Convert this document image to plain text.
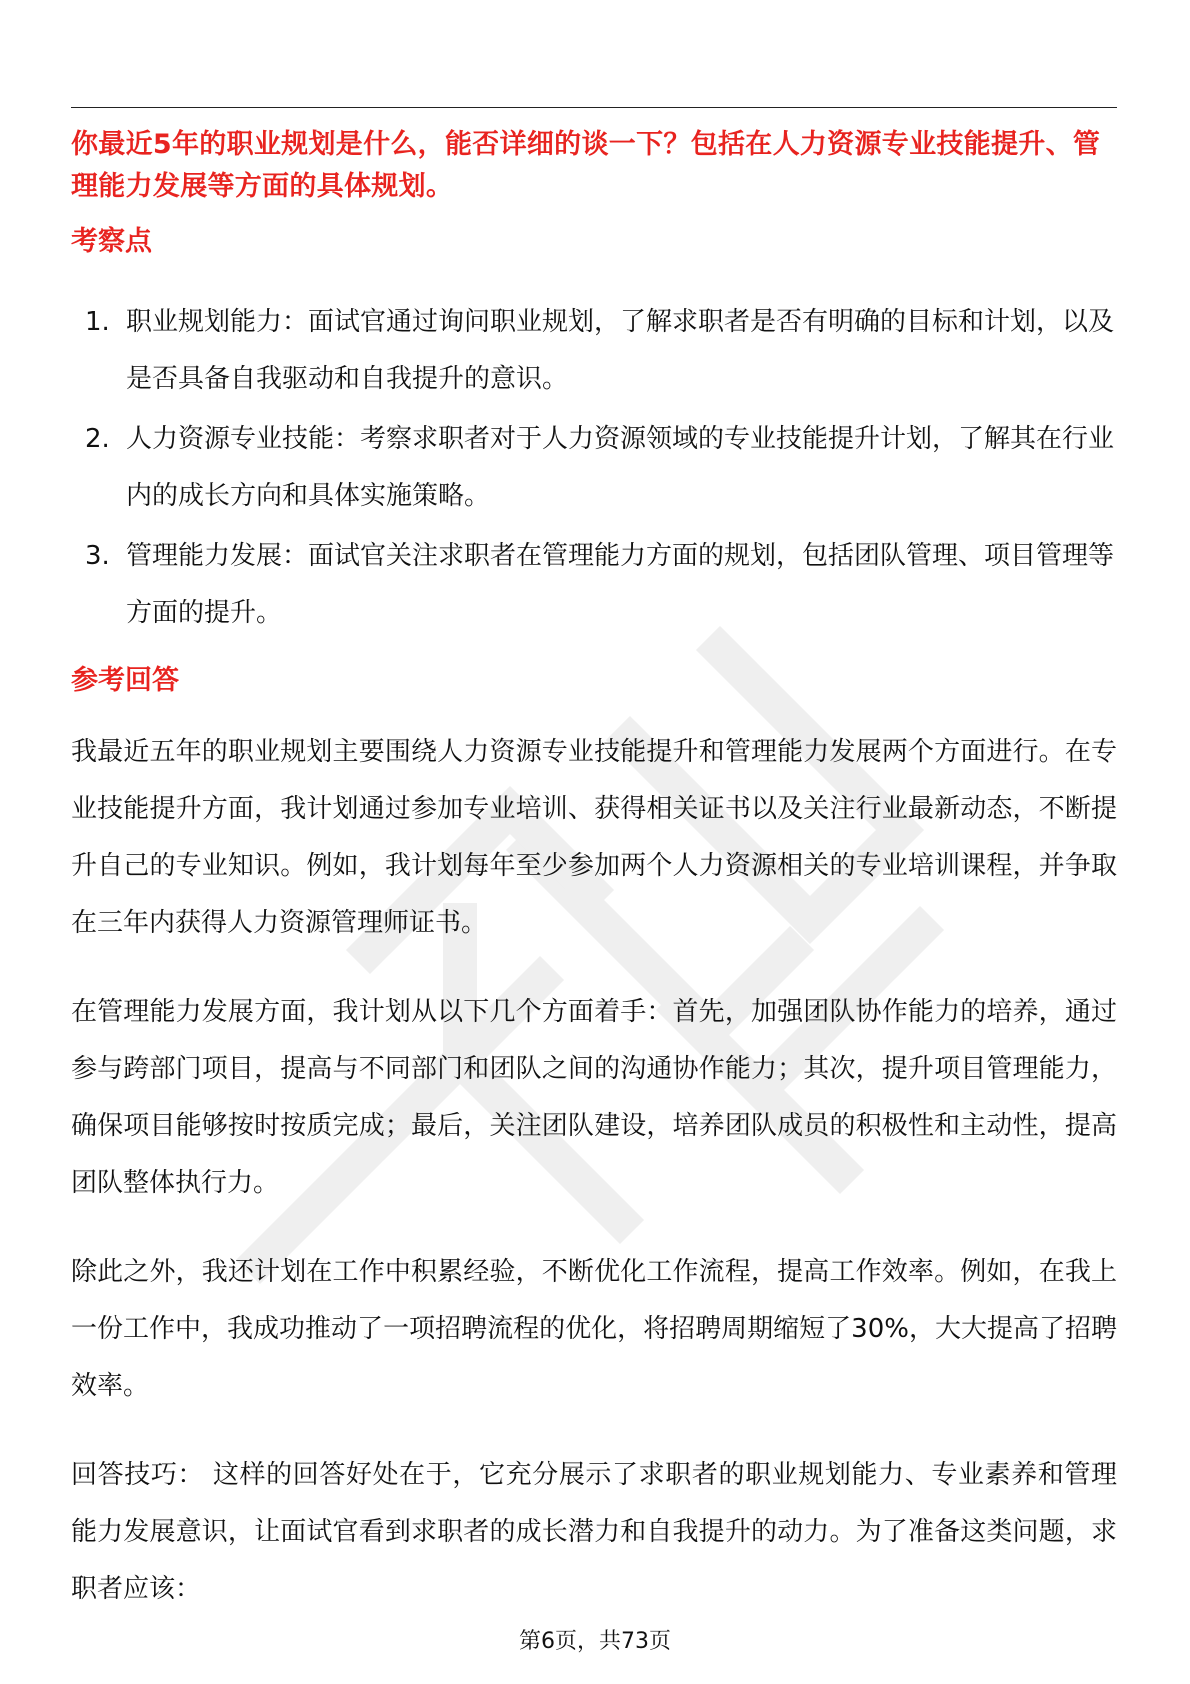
你最近5年的职业规划是什么，能否详细的谈一下？包括在人力资源专业技能提升、管理能力发展等方面的具体规划。

考察点

1. 职业规划能力：面试官通过询问职业规划，了解求职者是否有明确的目标和计划，以及是否具备自我驱动和自我提升的意识。
2. 人力资源专业技能：考察求职者对于人力资源领域的专业技能提升计划，了解其在行业内的成长方向和具体实施策略。
3. 管理能力发展：面试官关注求职者在管理能力方面的规划，包括团队管理、项目管理等方面的提升。

参考回答

我最近五年的职业规划主要围绕人力资源专业技能提升和管理能力发展两个方面进行。在专业技能提升方面，我计划通过参加专业培训、获得相关证书以及关注行业最新动态，不断提升自己的专业知识。例如，我计划每年至少参加两个人力资源相关的专业培训课程，并争取在三年内获得人力资源管理师证书。

在管理能力发展方面，我计划从以下几个方面着手：首先，加强团队协作能力的培养，通过参与跨部门项目，提高与不同部门和团队之间的沟通协作能力；其次，提升项目管理能力，确保项目能够按时按质完成；最后，关注团队建设，培养团队成员的积极性和主动性，提高团队整体执行力。

除此之外，我还计划在工作中积累经验，不断优化工作流程，提高工作效率。例如，在我上一份工作中，我成功推动了一项招聘流程的优化，将招聘周期缩短了30%，大大提高了招聘效率。

回答技巧： 这样的回答好处在于，它充分展示了求职者的职业规划能力、专业素养和管理能力发展意识，让面试官看到求职者的成长潜力和自我提升的动力。为了准备这类问题，求职者应该：

第6页，共73页
